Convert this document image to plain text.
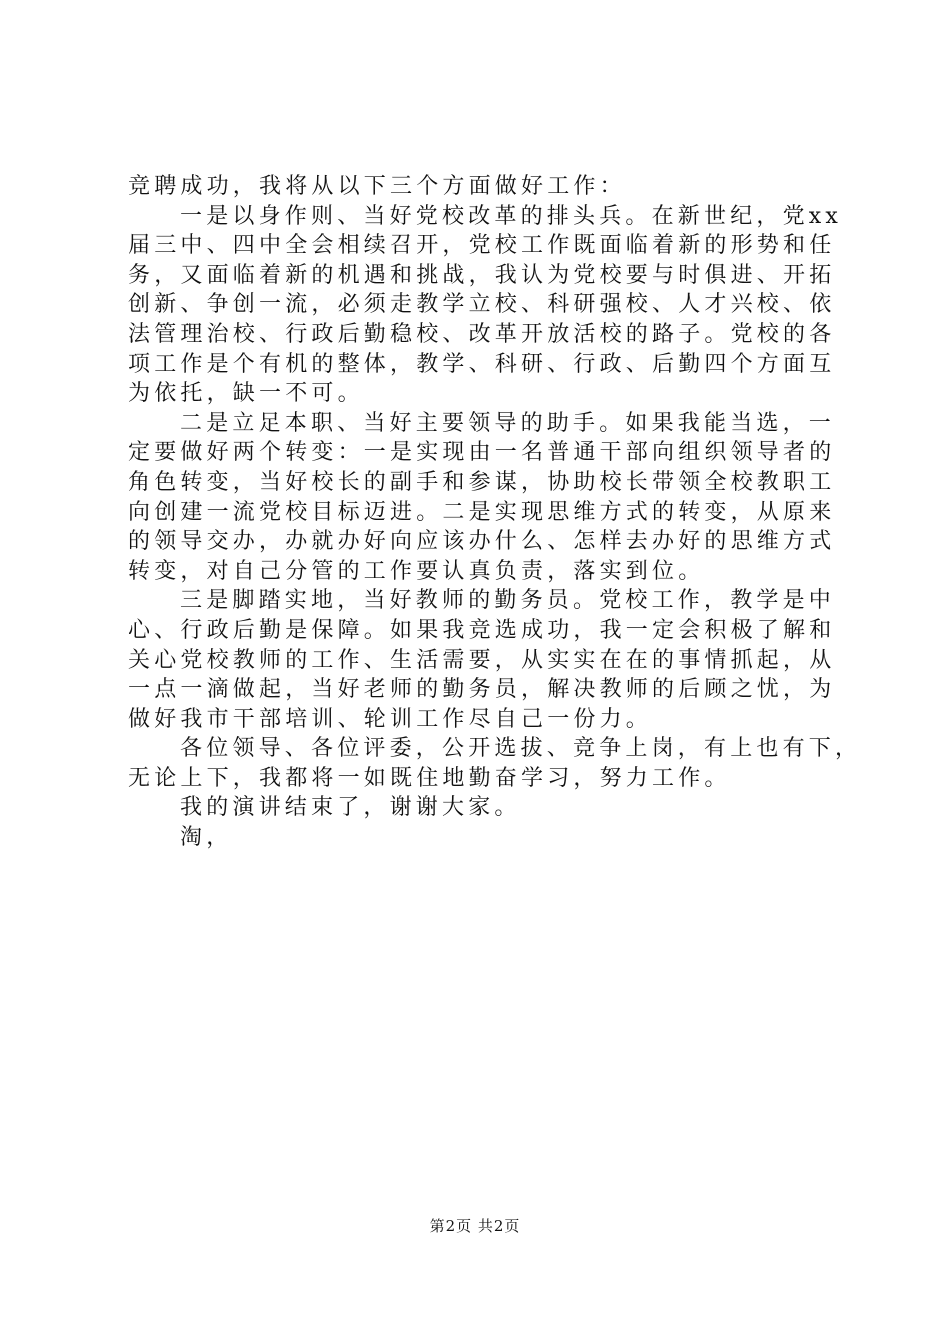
竞聘成功，我将从以下三个方面做好工作：
一是以身作则、当好党校改革的排头兵。在新世纪，党xx
届三中、四中全会相续召开，党校工作既面临着新的形势和任
务，又面临着新的机遇和挑战，我认为党校要与时俱进、开拓
创新、争创一流，必须走教学立校、科研强校、人才兴校、依
法管理治校、行政后勤稳校、改革开放活校的路子。党校的各
项工作是个有机的整体，教学、科研、行政、后勤四个方面互
为依托，缺一不可。
二是立足本职、当好主要领导的助手。如果我能当选，一
定要做好两个转变：一是实现由一名普通干部向组织领导者的
角色转变，当好校长的副手和参谋，协助校长带领全校教职工
向创建一流党校目标迈进。二是实现思维方式的转变，从原来
的领导交办，办就办好向应该办什么、怎样去办好的思维方式
转变，对自己分管的工作要认真负责，落实到位。
三是脚踏实地，当好教师的勤务员。党校工作，教学是中
心、行政后勤是保障。如果我竞选成功，我一定会积极了解和
关心党校教师的工作、生活需要，从实实在在的事情抓起，从
一点一滴做起，当好老师的勤务员，解决教师的后顾之忧，为
做好我市干部培训、轮训工作尽自己一份力。
各位领导、各位评委，公开选拔、竞争上岗，有上也有下，
无论上下，我都将一如既住地勤奋学习，努力工作。
我的演讲结束了，谢谢大家。
淘，
第2页 共2页
